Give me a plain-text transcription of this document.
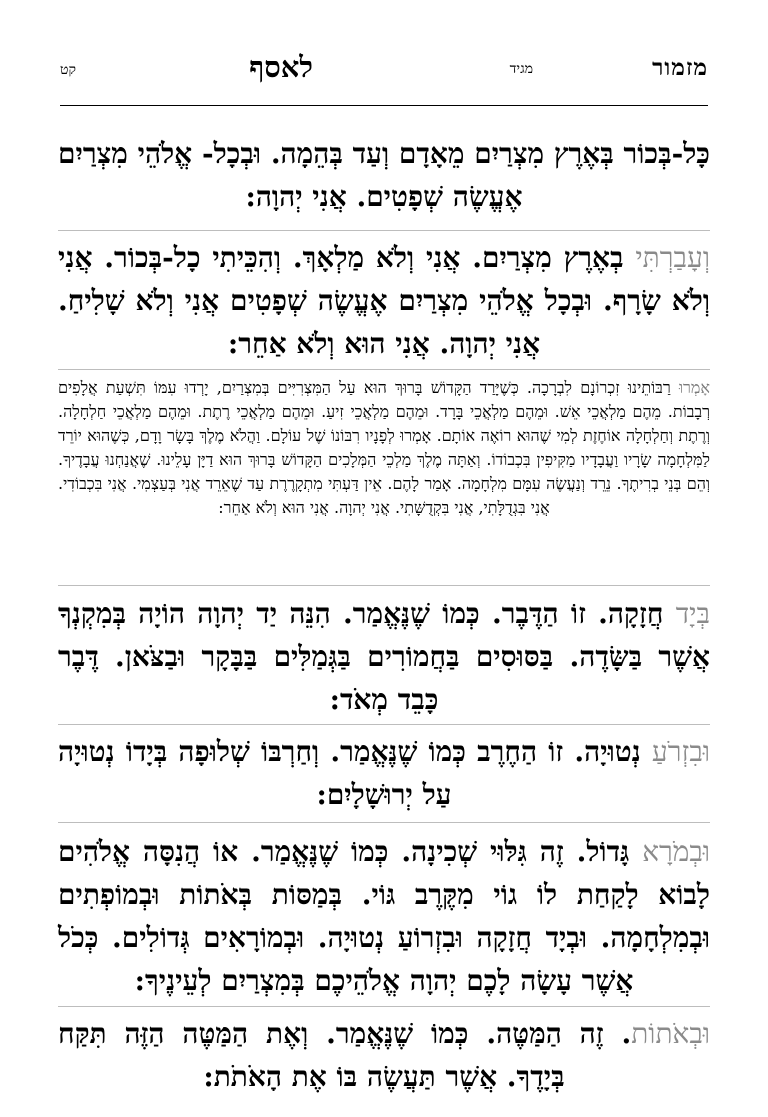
מזמור
מגיד
לאסף
קט
כָּל-בְּכוֹר בְּאֶרֶץ מִצְרַיִם מֵאָדָם וְעַד בְּהֵמָה. וּבְכָל- אֱלֹהֵי מִצְרַיִם אֶעֱשֶׂה שְׁפָטִים. אֲנִי יְהוָה:
וְעָבַרְתִּי בְאֶרֶץ מִצְרַיִם. אֲנִי וְלֹא מַלְאָךְ. וְהִכֵּיתִי כָל-בְּכוֹר. אֲנִי וְלֹא שָׂרָף. וּבְכָל אֱלֹהֵי מִצְרַיִם אֶעֱשֶׂה שְׁפָטִים אֲנִי וְלֹא שָׁלִיחַ. אֲנִי יְהוָה. אֲנִי הוּא וְלֹא אַחֵר:
אָמְרוּ רַבּוֹתֵינוּ זִכְרוֹנָם לִבְרָכָה. כְּשֶׁיָּרַד הַקָּדוֹשׁ בָּרוּךְ הוּא עַל הַמִּצְרִיִּים בְּמִצְרַיִם, יָרְדוּ עִמּוֹ תִּשְׁעַת אֲלָפִים רְבָבוֹת. מֵהֶם מַלְאֲכֵי אֵשׁ. וּמֵהֶם מַלְאֲכֵי בָּרָד. וּמֵהֶם מַלְאֲכֵי זִיעַ. וּמֵהֶם מַלְאֲכֵי רֶתֶת. וּמֵהֶם מַלְאֲכֵי חַלְחָלָה. וְרֶתֶת וְחַלְחָלָה אוֹחֶזֶת לְמִי שֶׁהוּא רוֹאֶה אוֹתָם. אָמְרוּ לְפָנָיו רִבּוֹנוֹ שֶׁל עוֹלָם. וַהֲלֹא מֶלֶךְ בָּשָׂר וָדָם, כְּשֶׁהוּא יוֹרֵד לַמִּלְחָמָה שָׂרָיו וַעֲבָדָיו מַקִּיפִין בִּכְבוֹדוֹ. וְאַתָּה מֶלֶךְ מַלְכֵי הַמְּלָכִים הַקָּדוֹשׁ בָּרוּךְ הוּא דַיָּן עָלֵינוּ. שֶׁאֲנַחְנוּ עֲבָדֶיךָ. וְהֵם בְּנֵי בְרִיתֶךָ. נֵרֵד וְנַעֲשֶׂה עִמָּם מִלְחָמָה. אָמַר לָהֶם. אֵין דַּעְתִּי מִתְקָרֶרֶת עַד שֶׁאֵרֵד אֲנִי בְּעַצְמִי. אֲנִי בִּכְבוֹדִי. אֲנִי בִּגְדֻלָּתִי, אֲנִי בִּקְדֻשָּׁתִי. אֲנִי יְהוָה. אֲנִי הוּא וְלֹא אַחֵר:
בְּיָד חֲזָקָה. זוֹ הַדֶּבֶר. כְּמוֹ שֶׁנֶּאֱמַר. הִנֵּה יַד יְהוָה הוֹיָה בְּמִקְנְךָ אֲשֶׁר בַּשָּׂדֶה. בַּסּוּסִים בַּחֲמוֹרִים בַּגְּמַלִּים בַּבָּקָר וּבַצֹּאן. דֶּבֶר כָּבֵד מְאֹד:
וּבִזְרֹעַ נְטוּיָה. זוֹ הַחֶרֶב כְּמוֹ שֶׁנֶּאֱמַר. וְחַרְבּוֹ שְׁלוּפָה בְּיָדוֹ נְטוּיָה עַל יְרוּשָׁלָיִם:
וּבְמֹרָא גָּדוֹל. זֶה גִּלּוּי שְׁכִינָה. כְּמוֹ שֶׁנֶּאֱמַר. אוֹ הֲנִסָּה אֱלֹהִים לָבוֹא לָקַחַת לוֹ גוֹי מִקֶּרֶב גּוֹי. בְּמַסּוֹת בְּאֹתוֹת וּבְמוֹפְתִים וּבְמִלְחָמָה. וּבְיָד חֲזָקָה וּבִזְרוֹעַ נְטוּיָה. וּבְמוֹרָאִים גְּדוֹלִים. כְּכֹל אֲשֶׁר עָשָׂה לָכֶם יְהוָה אֱלֹהֵיכֶם בְּמִצְרַיִם לְעֵינֶיךָ:
וּבְאֹתוֹת. זֶה הַמַּטֶּה. כְּמוֹ שֶׁנֶּאֱמַר. וְאֶת הַמַּטֶּה הַזֶּה תִּקַּח בְּיָדֶךָ. אֲשֶׁר תַּעֲשֶׂה בּוֹ אֶת הָאֹתֹת:
